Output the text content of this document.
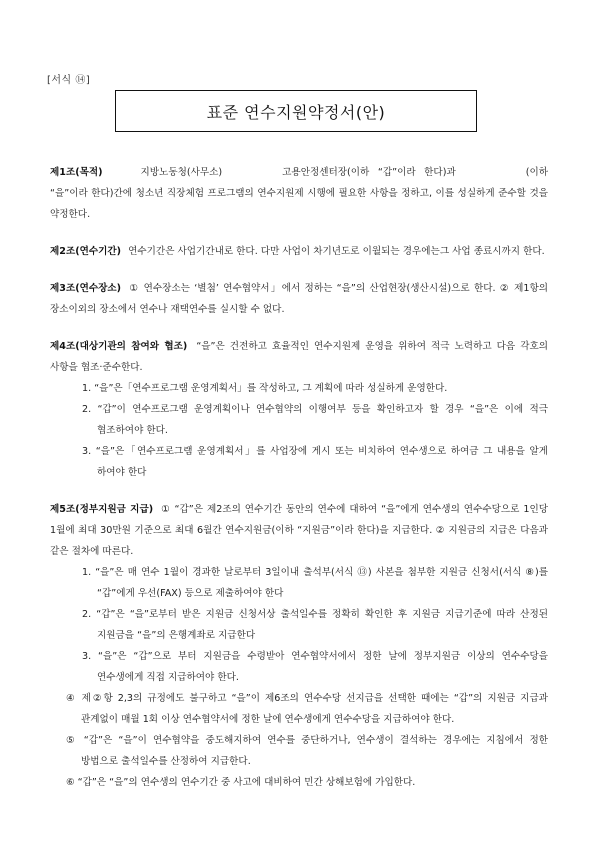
[서식 ⑭]
표준 연수지원약정서(안)
제1조(목적)	지방노동청(사무소)	고용안정센터장(이하 “갑”이라 한다)과	(이하 “을”이라 한다)간에 청소년 직장체험 프로그램의 연수지원제 시행에 필요한 사항을 정하고, 이를 성실하게 준수할 것을 약정한다.
제2조(연수기간) 연수기간은 사업기간내로 한다. 다만 사업이 차기년도로 이월되는 경우에는그 사업 종료시까지 한다.
제3조(연수장소) ① 연수장소는 ‘별첨’ 연수협약서」에서 정하는 “을”의 산업현장(생산시설)으로 한다. ② 제1항의 장소이외의 장소에서 연수나 재택연수를 실시할 수 없다.
제4조(대상기관의 참여와 협조) “을”은 건전하고 효율적인 연수지원제 운영을 위하여 적극 노력하고 다음 각호의 사항을 협조·준수한다.

1. “을”은「연수프로그램 운영계획서」를 작성하고, 그 계획에 따라 성실하게 운영한다.

2. “갑”이 연수프로그램 운영계획이나 연수협약의 이행여부 등을 확인하고자 할 경우 “을”은 이에 적극 협조하여야 한다.

3. “을”은「연수프로그램 운영계획서」를 사업장에 게시 또는 비치하여 연수생으로 하여금 그 내용을 알게 하여야 한다

제5조(정부지원금 지급) ① “갑”은 제2조의 연수기간 동안의 연수에 대하여 “을”에게 연수생의 연수수당으로 1인당 1월에 최대 30만원 기준으로 최대 6월간 연수지원금(이하 “지원금”이라 한다)을 지급한다. ② 지원금의 지급은 다음과 같은 절차에 따른다.

1. “을”은 매 연수 1월이 경과한 날로부터 3일이내 출석부(서식 ⑬) 사본을 첨부한 지원금 신청서(서식 ⑧)를 “갑”에게 우선(FAX) 등으로 제출하여야 한다

2. “갑”은 “을”로부터 받은 지원금 신청서상 출석일수를 정확히 확인한 후 지원금 지급기준에 따라 산정된 지원금을 “을”의 은행계좌로 지급한다

3. “을”은 “갑”으로 부터 지원금을 수령받아 연수협약서에서 정한 날에 정부지원금 이상의 연수수당을 연수생에게 직접 지급하여야 한다.

④ 제②항 2,3의 규정에도 불구하고 “을”이 제6조의 연수수당 선지급을 선택한 때에는 “갑”의 지원금 지급과 관계없이 매월 1회 이상 연수협약서에 정한 날에 연수생에게 연수수당을 지급하여야 한다.

⑤ “갑”은 “을”이 연수협약을 중도해지하여 연수를 중단하거나, 연수생이 결석하는 경우에는 지침에서 정한 방법으로 출석일수를 산정하여 지급한다.

⑥ “갑”은 “을”의 연수생의 연수기간 중 사고에 대비하여 민간 상해보험에 가입한다.
